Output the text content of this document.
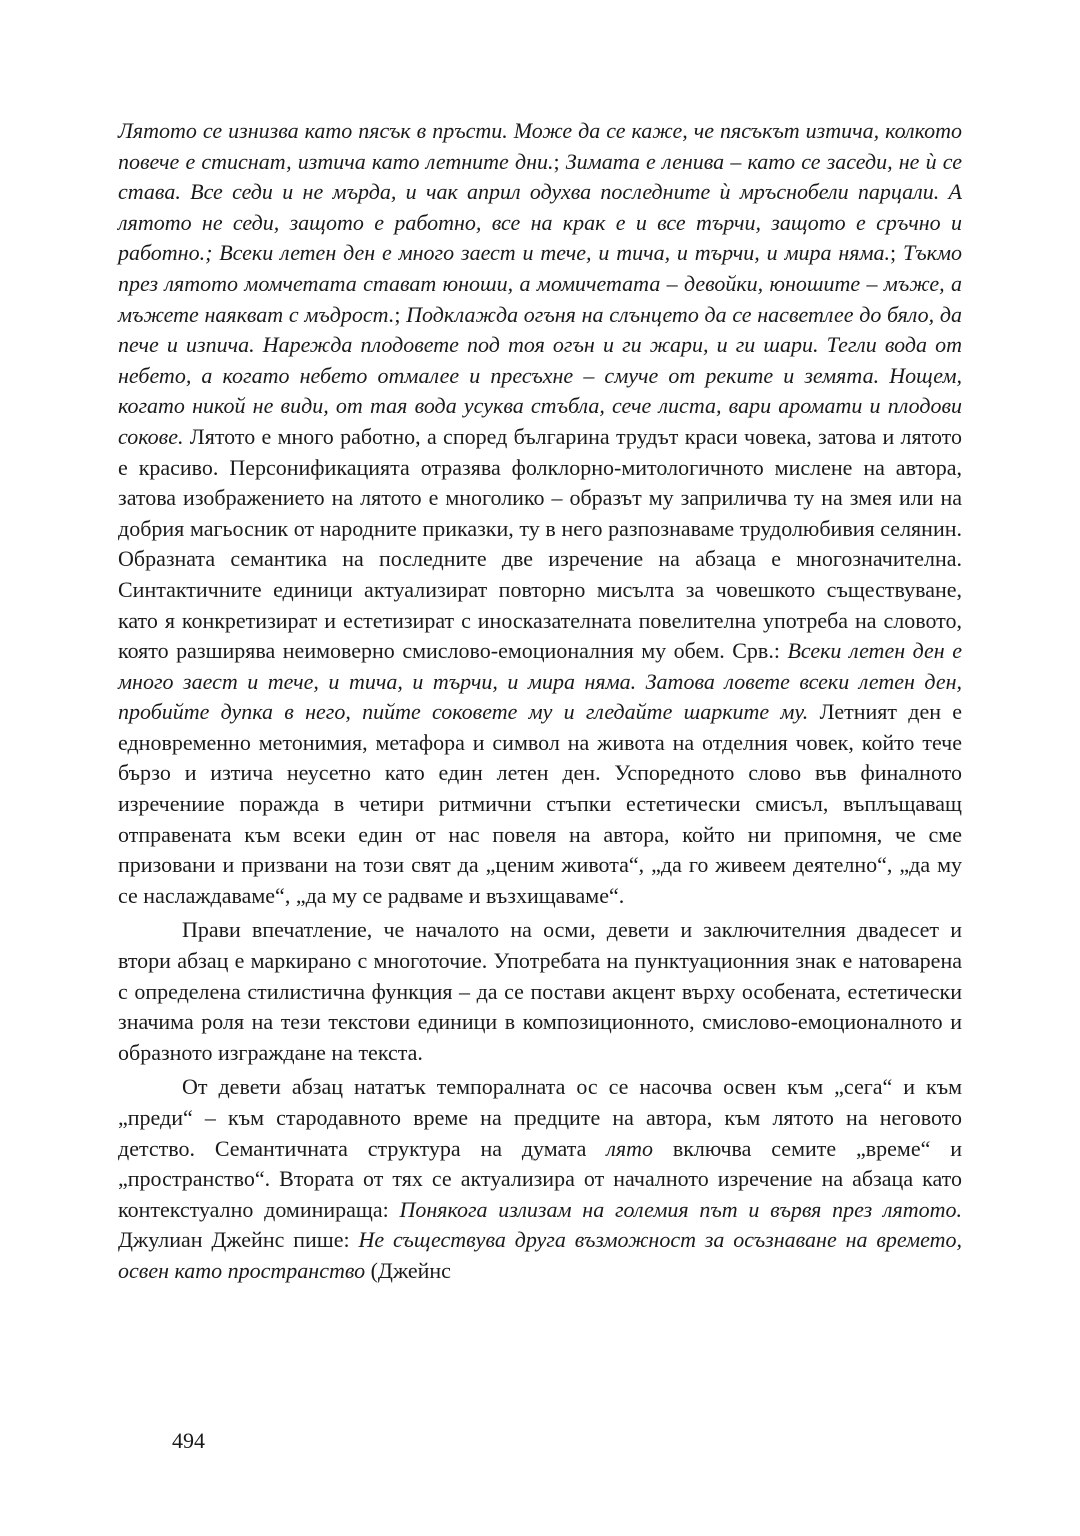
Лятото се изнизва като пясък в пръсти. Може да се каже, че пясъкът изтича, колкото повече е стиснат, изтича като летните дни.; Зимата е ленива – като се заседи, не ѝ се става. Все седи и не мърда, и чак април одухва последните ѝ мръснобели парцали. А лятото не седи, защото е работно, все на крак е и все търчи, защото е сръчно и работно.; Всеки летен ден е много заест и тече, и тича, и търчи, и мира няма.; Тъкмо през лятото момчетата стават юноши, а момичетата – девойки, юношите – мъже, а мъжете наякват с мъдрост.; Подклажда огъня на слънцето да се насветлее до бяло, да пече и изпича. Нарежда плодовете под тоя огън и ги жари, и ги шари. Тегли вода от небето, а когато небето отмалее и пресъхне – смуче от реките и земята. Нощем, когато никой не види, от тая вода усуква стъбла, сече листа, вари аромати и плодови сокове. Лятото е много работно, а според българина трудът краси човека, затова и лятото е красиво. Персонификацията отразява фолклорно-митологичното мислене на автора, затова изображението на лятото е многолико – образът му заприличва ту на змея или на добрия магьосник от народните приказки, ту в него разпознаваме трудолюбивия селянин. Образната семантика на последните две изречение на абзаца е многозначителна. Синтактичните единици актуализират повторно мисълта за човешкото съществуване, като я конкретизират и естетизират с иносказателната повелителна употреба на словото, която разширява неимоверно смислово-емоционалния му обем. Срв.: Всеки летен ден е много заест и тече, и тича, и търчи, и мира няма. Затова ловете всеки летен ден, пробийте дупка в него, пийте соковете му и гледайте шарките му. Летният ден е едновременно метонимия, метафора и символ на живота на отделния човек, който тече бързо и изтича неусетно като един летен ден. Успоредното слово във финалното изречениие поражда в четири ритмични стъпки естетически смисъл, въплъщаващ отправената към всеки един от нас повеля на автора, който ни припомня, че сме призовани и призвани на този свят да „ценим живота“, „да го живеем деятелно“, „да му се наслаждаваме“, „да му се радваме и възхищаваме“.

Прави впечатление, че началото на осми, девети и заключителния двадесет и втори абзац е маркирано с многоточие. Употребата на пунктуационния знак е натоварена с определена стилистична функция – да се постави акцент върху особената, естетически значима роля на тези текстови единици в композиционното, смислово-емоционалното и образното изграждане на текста.

От девети абзац нататък темпоралната ос се насочва освен към „сега“ и към „преди“ – към стародавното време на предците на автора, към лятото на неговото детство. Семантичната структура на думата лято включва семите „време“ и „пространство“. Втората от тях се актуализира от началното изречение на абзаца като контекстуално доминираща: Понякога излизам на големия път и вървя през лятото. Джулиан Джейнс пише: Не съществува друга възможност за осъзнаване на времето, освен като пространство (Джейнс

494
